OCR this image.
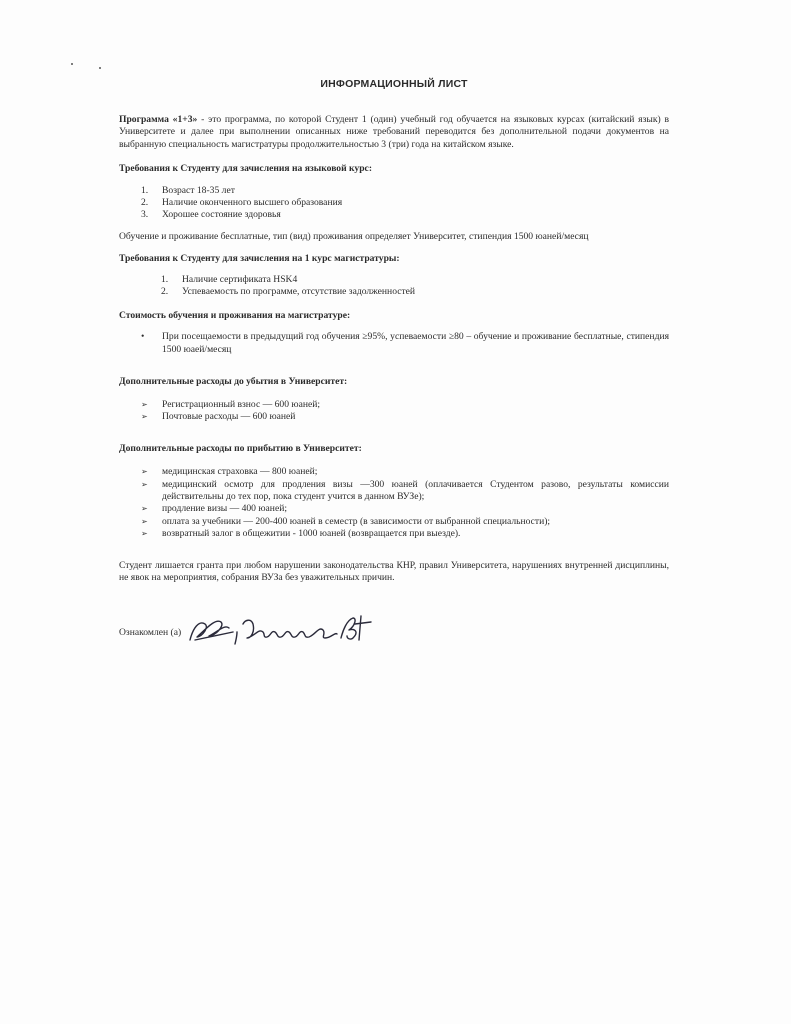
ИНФОРМАЦИОННЫЙ ЛИСТ

Программа «1+3» - это программа, по которой Студент 1 (один) учебный год обучается на языковых курсах (китайский язык) в Университете и далее при выполнении описанных ниже требований переводится без дополнительной подачи документов на выбранную специальность магистратуры продолжительностью 3 (три) года на китайском языке.

Требования к Студенту для зачисления на языковой курс:

1. Возраст 18-35 лет
2. Наличие оконченного высшего образования
3. Хорошее состояние здоровья

Обучение и проживание бесплатные, тип (вид) проживания определяет Университет, стипендия 1500 юаней/месяц

Требования к Студенту для зачисления на 1 курс магистратуры:

1. Наличие сертификата HSK4
2. Успеваемость по программе, отсутствие задолженностей

Стоимость обучения и проживания на магистратуре:

• При посещаемости в предыдущий год обучения ≥95%, успеваемости ≥80 – обучение и проживание бесплатные, стипендия 1500 юаей/месяц

Дополнительные расходы до убытия в Университет:

➢ Регистрационный взнос — 600 юаней;
➢ Почтовые расходы — 600 юаней

Дополнительные расходы по прибытию в Университет:

➢ медицинская страховка — 800 юаней;
➢ медицинский осмотр для продления визы —300 юаней (оплачивается Студентом разово, результаты комиссии действительны до тех пор, пока студент учится в данном ВУЗе);
➢ продление визы — 400 юаней;
➢ оплата за учебники — 200-400 юаней в семестр (в зависимости от выбранной специальности);
➢ возвратный залог в общежитии - 1000 юаней (возвращается при выезде).

Студент лишается гранта при любом нарушении законодательства КНР, правил Университета, нарушениях внутренней дисциплины, не явок на мероприятия, собрания ВУЗа без уважительных причин.

Ознакомлен (а)
